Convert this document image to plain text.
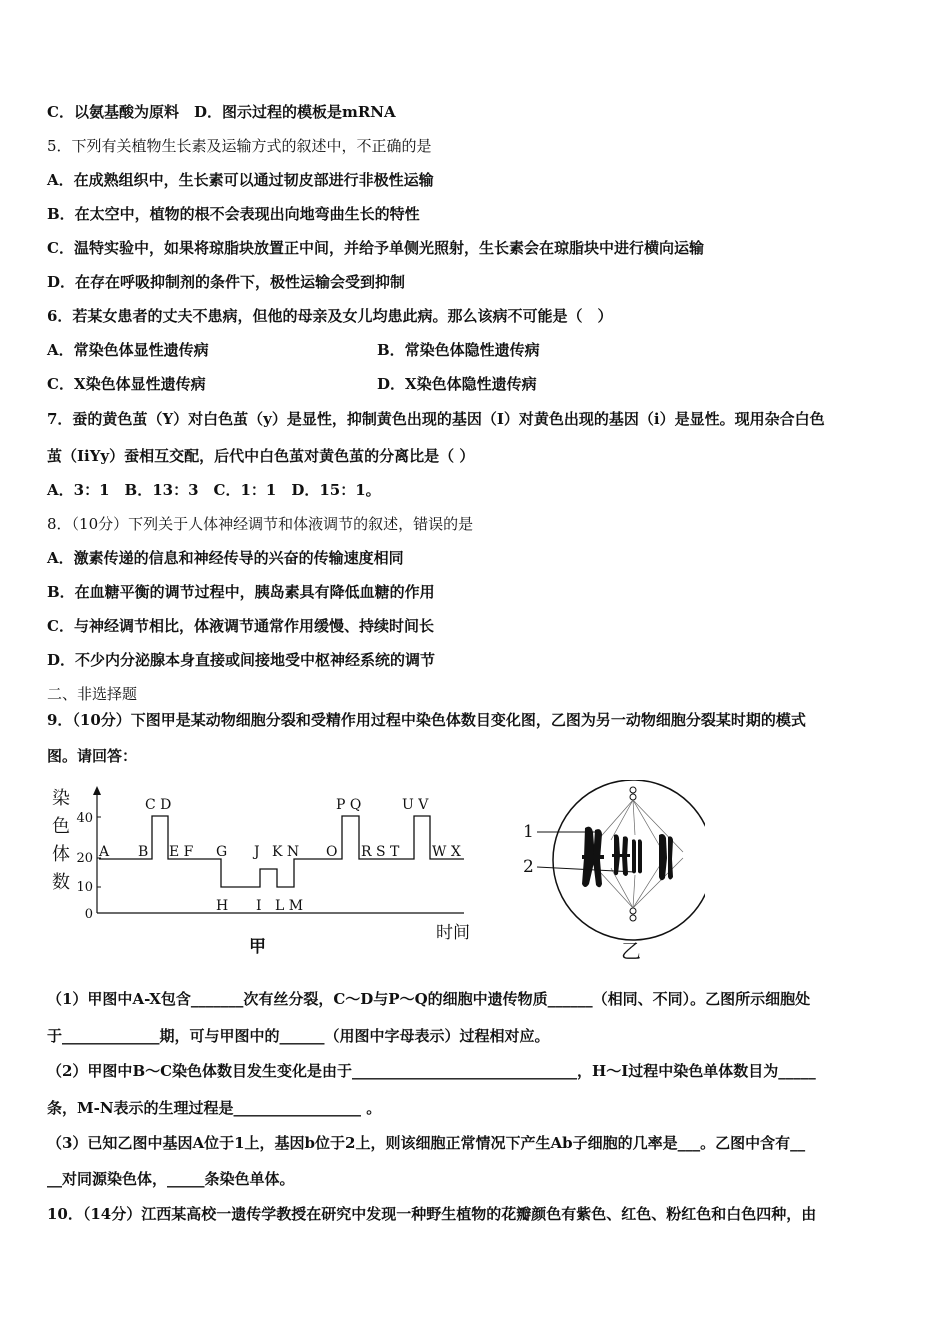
C．以氨基酸为原料　D．图示过程的模板是mRNA
5．下列有关植物生长素及运输方式的叙述中，不正确的是
A．在成熟组织中，生长素可以通过韧皮部进行非极性运输
B．在太空中，植物的根不会表现出向地弯曲生长的特性
C．温特实验中，如果将琼脂块放置正中间，并给予单侧光照射，生长素会在琼脂块中进行横向运输
D．在存在呼吸抑制剂的条件下，极性运输会受到抑制
6．若某女患者的丈夫不患病，但他的母亲及女儿均患此病。那么该病不可能是（　）
A．常染色体显性遗传病	B．常染色体隐性遗传病
C．X染色体显性遗传病	D．X染色体隐性遗传病
7．蚕的黄色茧（Y）对白色茧（y）是显性，抑制黄色出现的基因（I）对黄色出现的基因（i）是显性。现用杂合白色
茧（IiYy）蚕相互交配，后代中白色茧对黄色茧的分离比是（ ）
A．3：1　B．13：3　C．1：1　D．15：1。
8．（10分）下列关于人体神经调节和体液调节的叙述，错误的是
A．激素传递的信息和神经传导的兴奋的传输速度相同
B．在血糖平衡的调节过程中，胰岛素具有降低血糖的作用
C．与神经调节相比，体液调节通常作用缓慢、持续时间长
D．不少内分泌腺本身直接或间接地受中枢神经系统的调节
二、非选择题
9．（10分）下图甲是某动物细胞分裂和受精作用过程中染色体数目变化图，乙图为另一动物细胞分裂某时期的模式
图。请回答：
染
色
体
数
40
20
10
0
C D	P Q	U V
A B E F G J K N O R S T W X
H I L M
时间
甲
1
2
乙
（1）甲图中A-X包含_______次有丝分裂，C～D与P～Q的细胞中遗传物质______（相同、不同）。乙图所示细胞处
于_____________期，可与甲图中的______（用图中字母表示）过程相对应。
（2）甲图中B～C染色体数目发生变化是由于______________________________，H～I过程中染色单体数目为_____
条，M-N表示的生理过程是_________________ 。
（3）已知乙图中基因A位于1上，基因b位于2上，则该细胞正常情况下产生Ab子细胞的几率是___。乙图中含有__
__对同源染色体，_____条染色单体。
10．（14分）江西某高校一遗传学教授在研究中发现一种野生植物的花瓣颜色有紫色、红色、粉红色和白色四种，由
